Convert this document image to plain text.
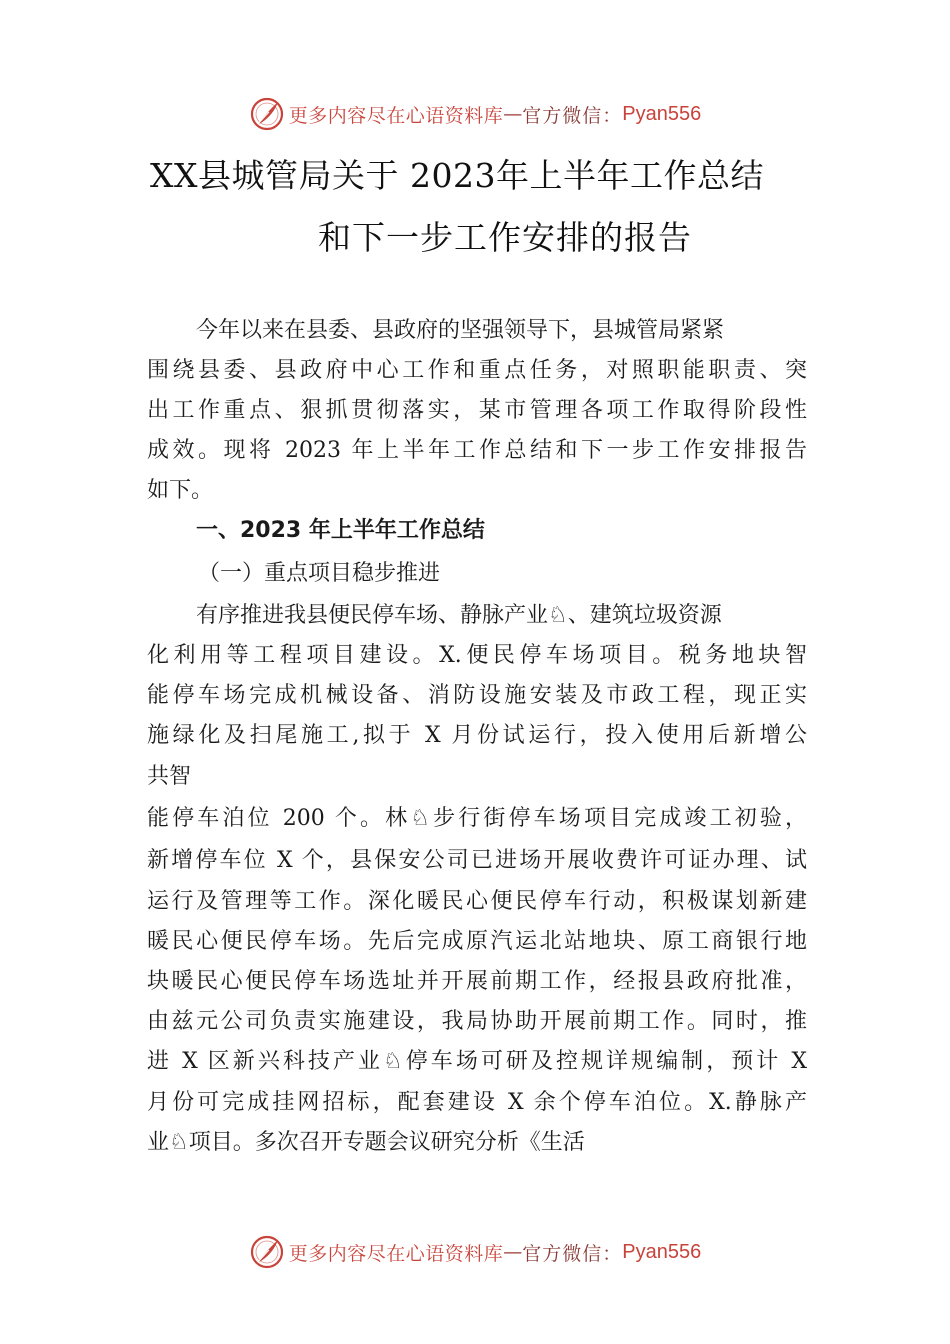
更多内容尽在心语资料库 — 官方微信： Pyan556
XX县城管局关于 2023年上半年工作总结
和下一步工作安排的报告
今年以来在县委、县政府的坚强领导下，县城管局紧紧
围绕县委、县政府中心工作和重点任务，对照职能职责、突
出工作重点、狠抓贯彻落实，某市管理各项工作取得阶段性
成效。现将 2023 年上半年工作总结和下一步工作安排报告
如下。
一、2023 年上半年工作总结
（一）重点项目稳步推进
有序推进我县便民停车场、静脉产业♘、建筑垃圾资源
化利用等工程项目建设。X.便民停车场项目。税务地块智
能停车场完成机械设备、消防设施安装及市政工程，现正实
施绿化及扫尾施工,拟于 X 月份试运行，投入使用后新增公
共智
能停车泊位 200 个。林♘步行街停车场项目完成竣工初验，
新增停车位 X 个，县保安公司已进场开展收费许可证办理、试
运行及管理等工作。深化暖民心便民停车行动，积极谋划新建
暖民心便民停车场。先后完成原汽运北站地块、原工商银行地
块暖民心便民停车场选址并开展前期工作，经报县政府批准，
由兹元公司负责实施建设，我局协助开展前期工作。同时，推
进 X 区新兴科技产业♘停车场可研及控规详规编制，预计 X
月份可完成挂网招标，配套建设 X 余个停车泊位。X.静脉产
业♘项目。多次召开专题会议研究分析《生活
更多内容尽在心语资料库 — 官方微信： Pyan556
